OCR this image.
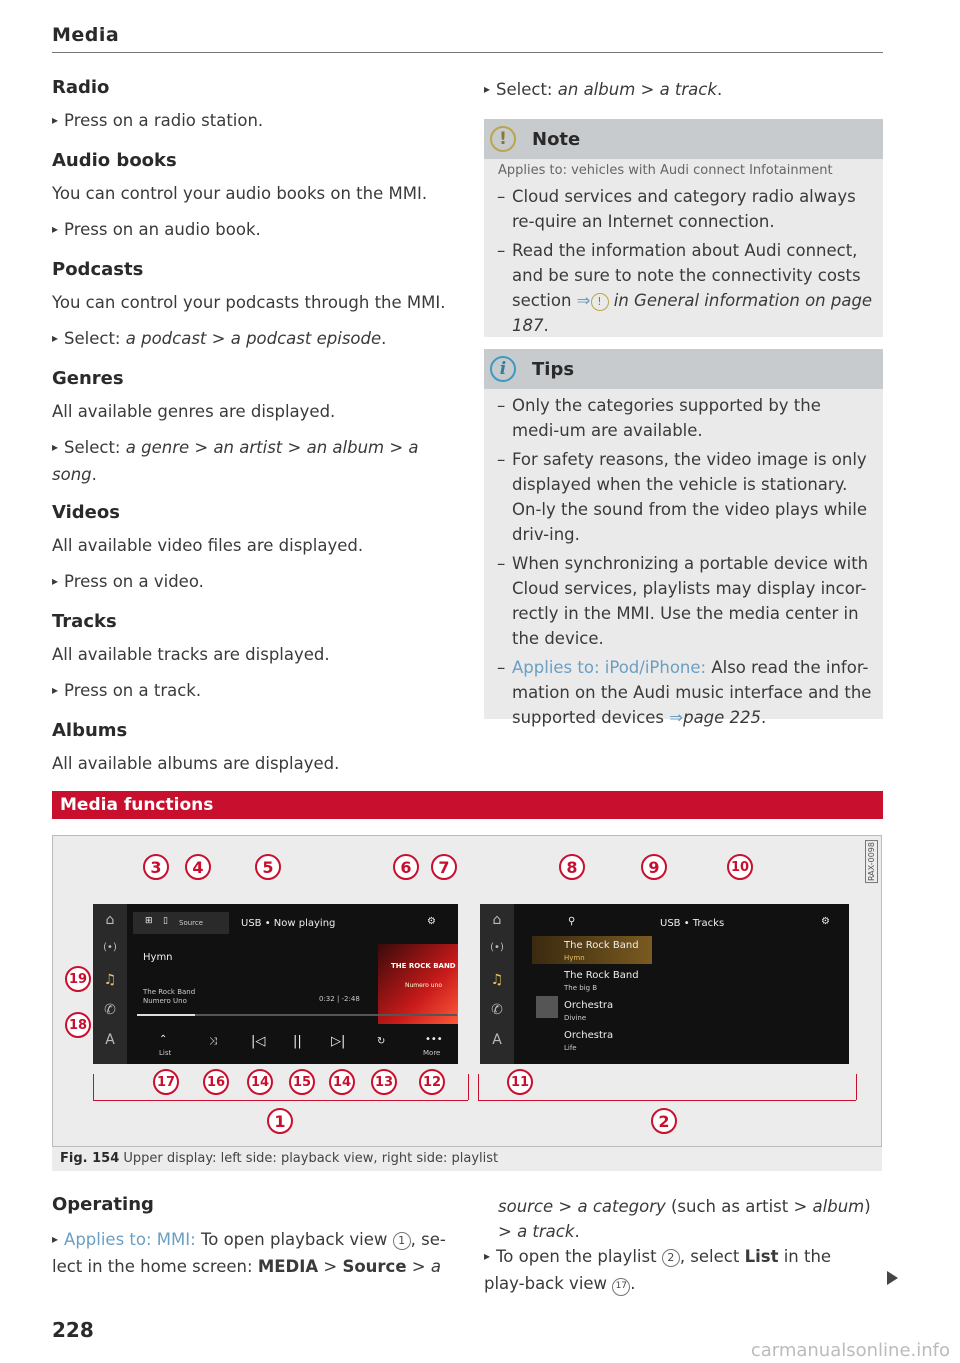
Media
Radio
▸ Press on a radio station.
Audio books
You can control your audio books on the MMI.
▸ Press on an audio book.
Podcasts
You can control your podcasts through the MMI.
▸ Select: a podcast > a podcast episode.
Genres
All available genres are displayed.
▸ Select: a genre > an artist > an album > a song.
Videos
All available video files are displayed.
▸ Press on a video.
Tracks
All available tracks are displayed.
▸ Press on a track.
Albums
All available albums are displayed.
▸ Select: an album > a track.
!	Note
Applies to: vehicles with Audi connect Infotainment
– Cloud services and category radio always re-quire an Internet connection.
– Read the information about Audi connect, and be sure to note the connectivity costs section ⇒ ! in General information on page 187.
i	Tips
– Only the categories supported by the medi-um are available.
– For safety reasons, the video image is only displayed when the vehicle is stationary. On-ly the sound from the video plays while driv-ing.
– When synchronizing a portable device with Cloud services, playlists may display incor-rectly in the MMI. Use the media center in the device.
– Applies to: iPod/iPhone: Also read the infor-mation on the Audi music interface and the supported devices ⇒page 225.
Media functions
RAX-0098
⌂
(•)
♫
✆
A
⊞ ▯ Source	USB • Now playing	⚙
Hymn
The Rock Band
Numero Uno	0:32 | -2:48
THE ROCK BAND
Numero uno
⌃
List
⤨	|◁ || ▷|	↻	•••
More
⌂
(•)
♫
✆
A
⚲	USB • Tracks	⚙
The Rock Band
Hymn
The Rock Band
The big B
Orchestra
Divine
Orchestra
Life
3	4	5	6	7	8	9	10
19
18
17	16	14	15	14	13	12	11
1	2
Fig. 154 Upper display: left side: playback view, right side: playlist
Operating
▸ Applies to: MMI: To open playback view 1 , se-lect in the home screen: MEDIA > Source > a
source > a category (such as artist > album) > a track.
▸ To open the playlist 2 , select List in the play-back view 17 .
228
carmanualsonline.info
